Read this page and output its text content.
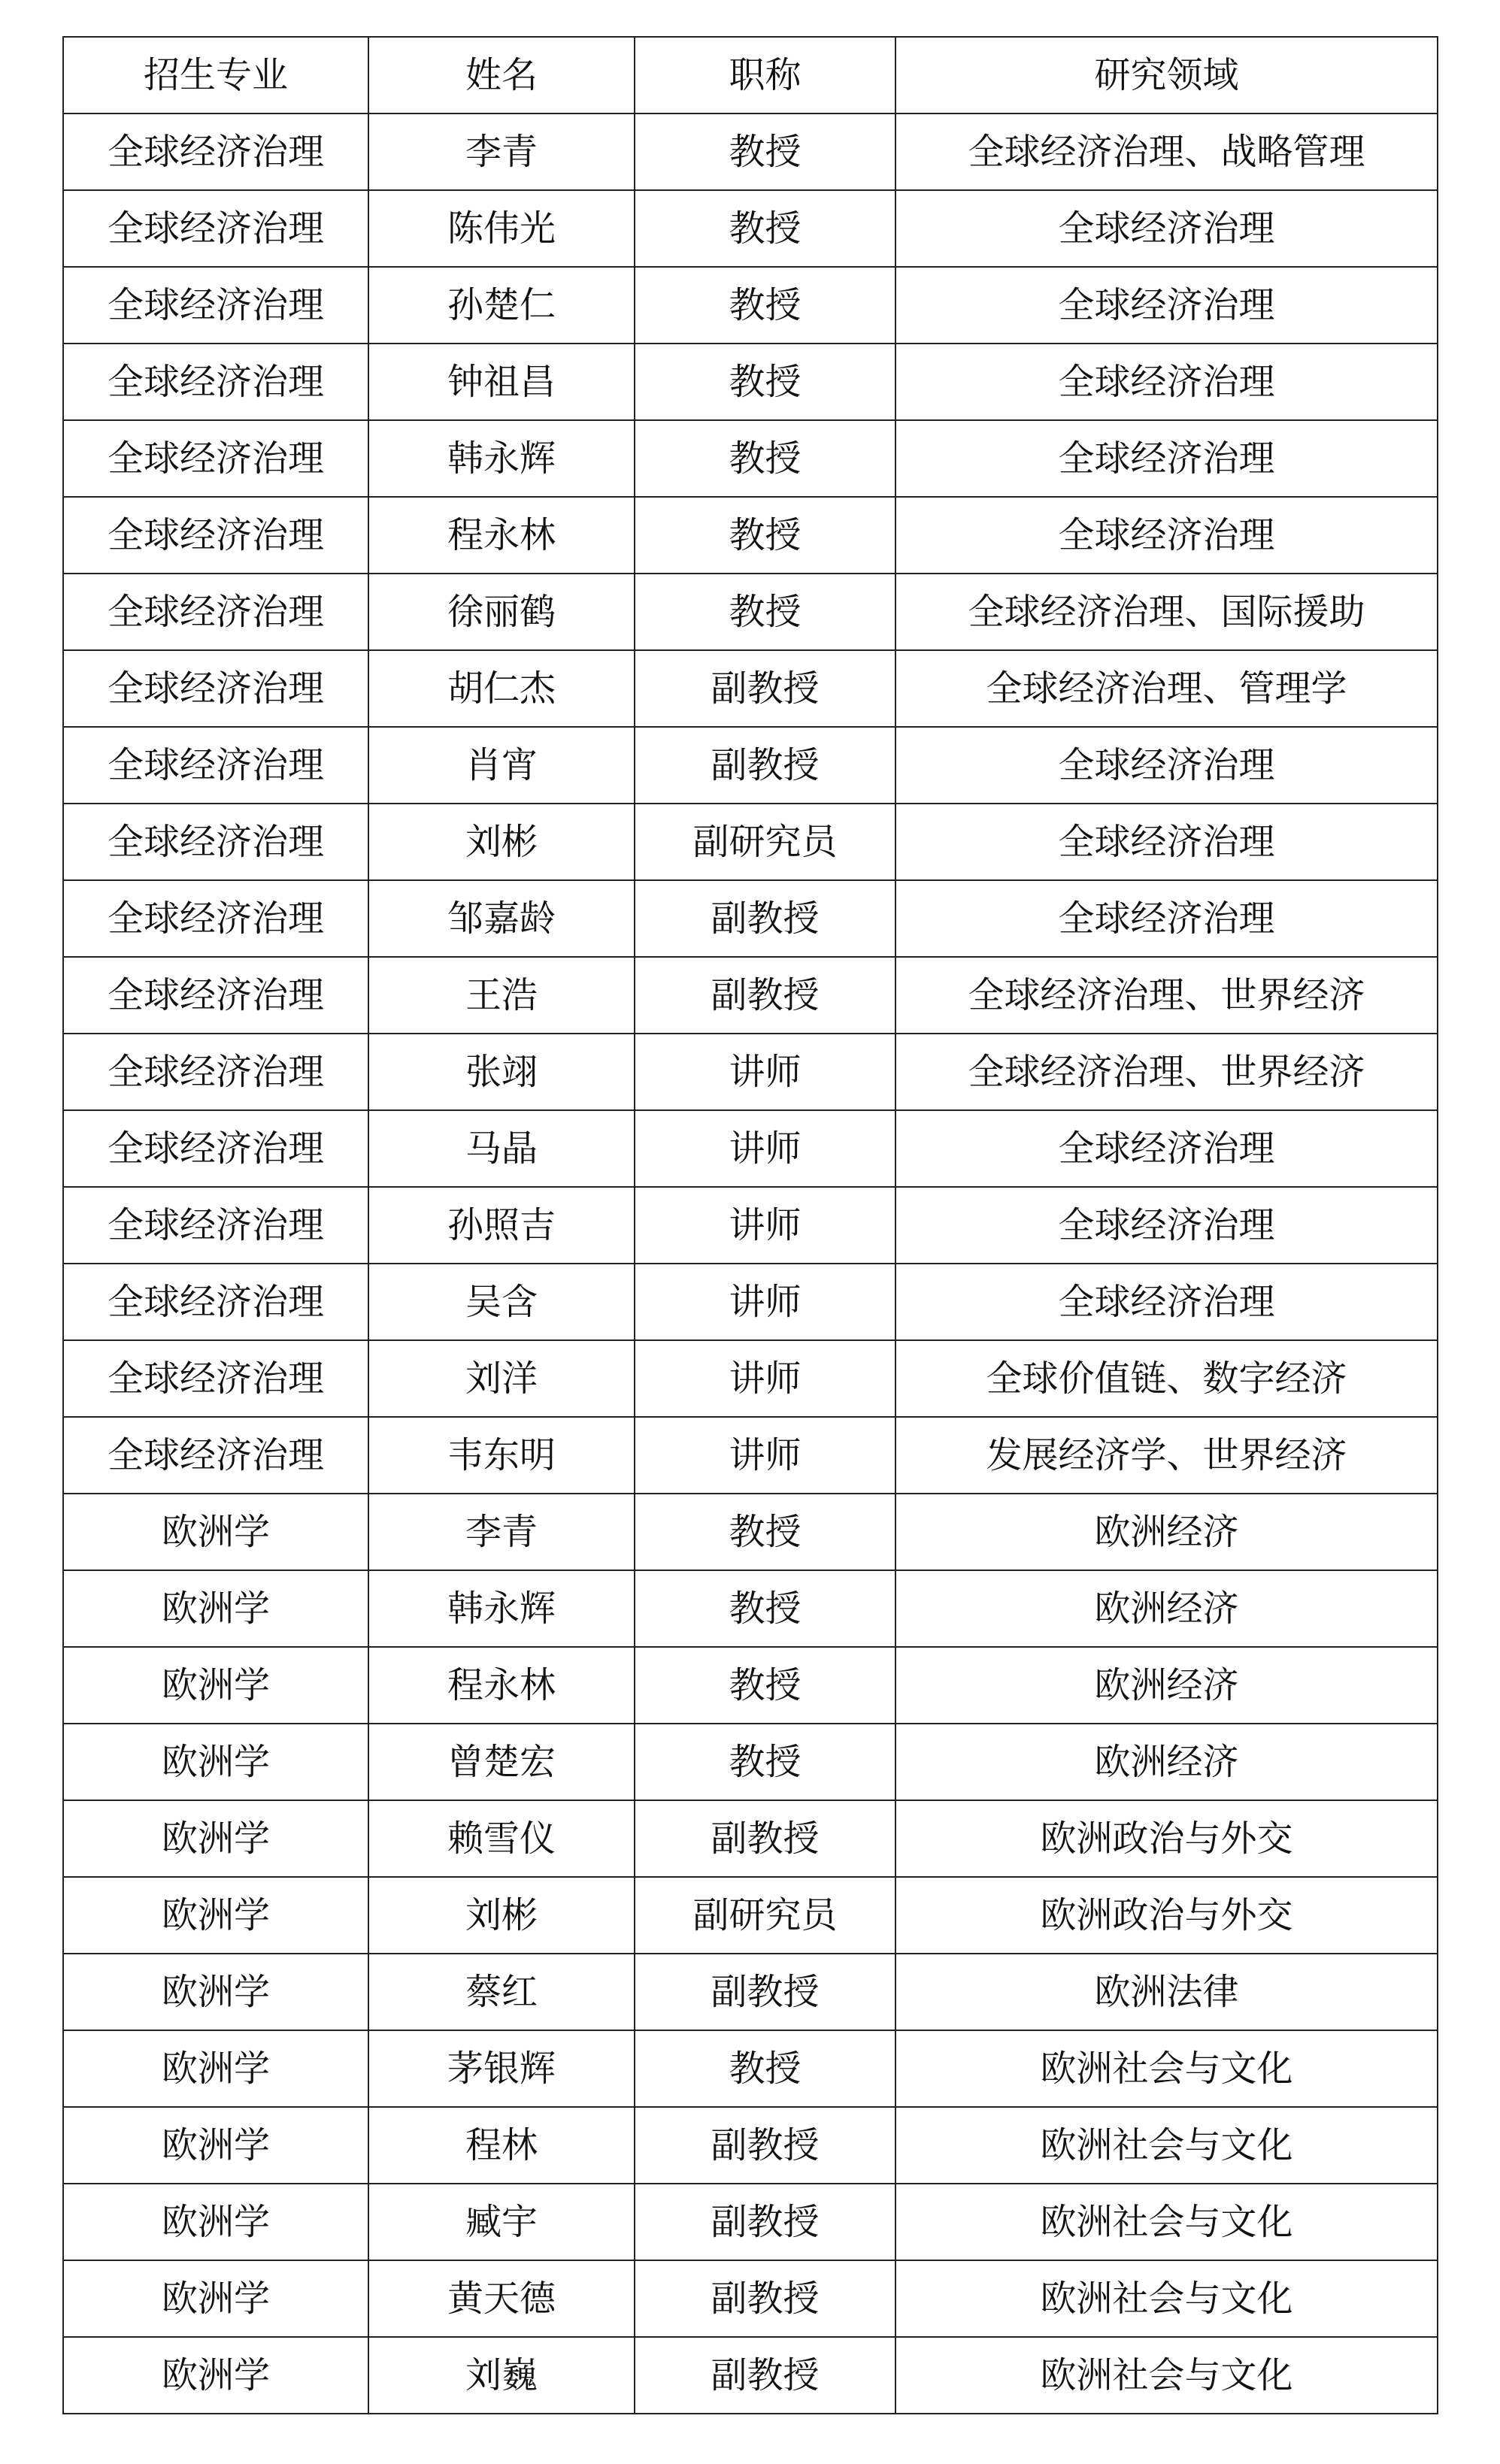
招生专业	姓名	职称	研究领域
全球经济治理	李青	教授	全球经济治理、战略管理
全球经济治理	陈伟光	教授	全球经济治理
全球经济治理	孙楚仁	教授	全球经济治理
全球经济治理	钟祖昌	教授	全球经济治理
全球经济治理	韩永辉	教授	全球经济治理
全球经济治理	程永林	教授	全球经济治理
全球经济治理	徐丽鹤	教授	全球经济治理、国际援助
全球经济治理	胡仁杰	副教授	全球经济治理、管理学
全球经济治理	肖宵	副教授	全球经济治理
全球经济治理	刘彬	副研究员	全球经济治理
全球经济治理	邹嘉龄	副教授	全球经济治理
全球经济治理	王浩	副教授	全球经济治理、世界经济
全球经济治理	张翊	讲师	全球经济治理、世界经济
全球经济治理	马晶	讲师	全球经济治理
全球经济治理	孙照吉	讲师	全球经济治理
全球经济治理	吴含	讲师	全球经济治理
全球经济治理	刘洋	讲师	全球价值链、数字经济
全球经济治理	韦东明	讲师	发展经济学、世界经济
欧洲学	李青	教授	欧洲经济
欧洲学	韩永辉	教授	欧洲经济
欧洲学	程永林	教授	欧洲经济
欧洲学	曾楚宏	教授	欧洲经济
欧洲学	赖雪仪	副教授	欧洲政治与外交
欧洲学	刘彬	副研究员	欧洲政治与外交
欧洲学	蔡红	副教授	欧洲法律
欧洲学	茅银辉	教授	欧洲社会与文化
欧洲学	程林	副教授	欧洲社会与文化
欧洲学	臧宇	副教授	欧洲社会与文化
欧洲学	黄天德	副教授	欧洲社会与文化
欧洲学	刘巍	副教授	欧洲社会与文化
